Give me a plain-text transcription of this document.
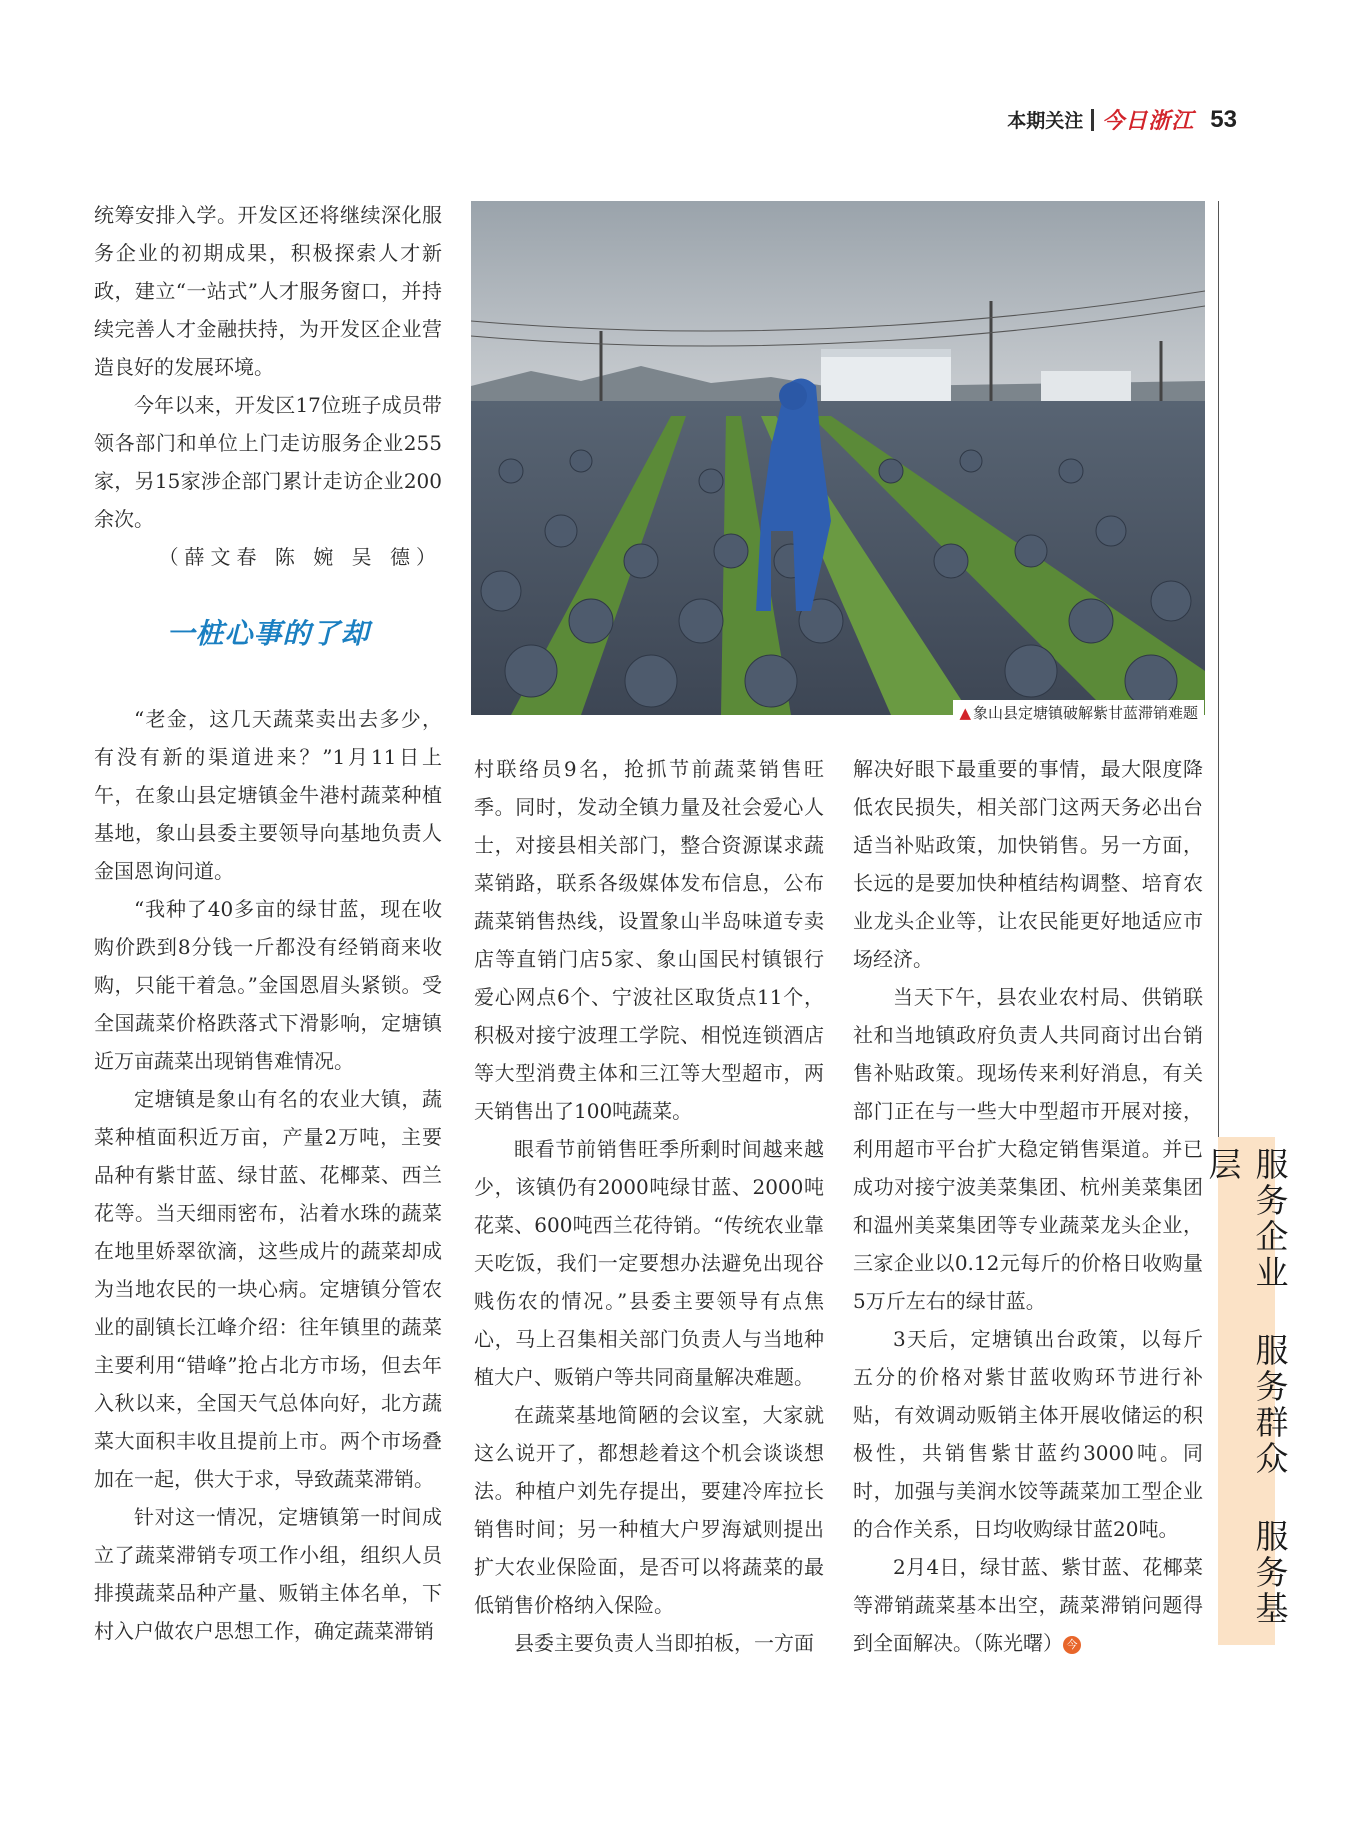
本期关注 今日浙江 53

统筹安排入学。开发区还将继续深化服务企业的初期成果，积极探索人才新政，建立“一站式”人才服务窗口，并持续完善人才金融扶持，为开发区企业营造良好的发展环境。

今年以来，开发区17位班子成员带领各部门和单位上门走访服务企业255家，另15家涉企部门累计走访企业200余次。

（薛文春 陈 婉 吴 德）

一桩心事的了却
▲ 象山县定塘镇破解紫甘蓝滞销难题

“老金，这几天蔬菜卖出去多少，有没有新的渠道进来？”1月11日上午，在象山县定塘镇金牛港村蔬菜种植基地，象山县委主要领导向基地负责人金国恩询问道。

“我种了40多亩的绿甘蓝，现在收购价跌到8分钱一斤都没有经销商来收购，只能干着急。”金国恩眉头紧锁。受全国蔬菜价格跌落式下滑影响，定塘镇近万亩蔬菜出现销售难情况。

定塘镇是象山有名的农业大镇，蔬菜种植面积近万亩，产量2万吨，主要品种有紫甘蓝、绿甘蓝、花椰菜、西兰花等。当天细雨密布，沾着水珠的蔬菜在地里娇翠欲滴，这些成片的蔬菜却成为当地农民的一块心病。定塘镇分管农业的副镇长江峰介绍：往年镇里的蔬菜主要利用“错峰”抢占北方市场，但去年入秋以来，全国天气总体向好，北方蔬菜大面积丰收且提前上市。两个市场叠加在一起，供大于求，导致蔬菜滞销。

针对这一情况，定塘镇第一时间成立了蔬菜滞销专项工作小组，组织人员排摸蔬菜品种产量、贩销主体名单，下村入户做农户思想工作，确定蔬菜滞销

村联络员9名，抢抓节前蔬菜销售旺季。同时，发动全镇力量及社会爱心人士，对接县相关部门，整合资源谋求蔬菜销路，联系各级媒体发布信息，公布蔬菜销售热线，设置象山半岛味道专卖店等直销门店5家、象山国民村镇银行爱心网点6个、宁波社区取货点11个，积极对接宁波理工学院、相悦连锁酒店等大型消费主体和三江等大型超市，两天销售出了100吨蔬菜。

眼看节前销售旺季所剩时间越来越少，该镇仍有2000吨绿甘蓝、2000吨花菜、600吨西兰花待销。“传统农业靠天吃饭，我们一定要想办法避免出现谷贱伤农的情况。”县委主要领导有点焦心，马上召集相关部门负责人与当地种植大户、贩销户等共同商量解决难题。

在蔬菜基地简陋的会议室，大家就这么说开了，都想趁着这个机会谈谈想法。种植户刘先存提出，要建冷库拉长销售时间；另一种植大户罗海斌则提出扩大农业保险面，是否可以将蔬菜的最低销售价格纳入保险。

县委主要负责人当即拍板，一方面

解决好眼下最重要的事情，最大限度降低农民损失，相关部门这两天务必出台适当补贴政策，加快销售。另一方面，长远的是要加快种植结构调整、培育农业龙头企业等，让农民能更好地适应市场经济。

当天下午，县农业农村局、供销联社和当地镇政府负责人共同商讨出台销售补贴政策。现场传来利好消息，有关部门正在与一些大中型超市开展对接，利用超市平台扩大稳定销售渠道。并已成功对接宁波美菜集团、杭州美菜集团和温州美菜集团等专业蔬菜龙头企业，三家企业以0.12元每斤的价格日收购量5万斤左右的绿甘蓝。

3天后，定塘镇出台政策，以每斤五分的价格对紫甘蓝收购环节进行补贴，有效调动贩销主体开展收储运的积极性，共销售紫甘蓝约3000吨。同时，加强与美润水饺等蔬菜加工型企业的合作关系，日均收购绿甘蓝20吨。

2月4日，绿甘蓝、紫甘蓝、花椰菜等滞销蔬菜基本出空，蔬菜滞销问题得到全面解决。（陈光曙） 今

服务企业 服务群众 服务基层
